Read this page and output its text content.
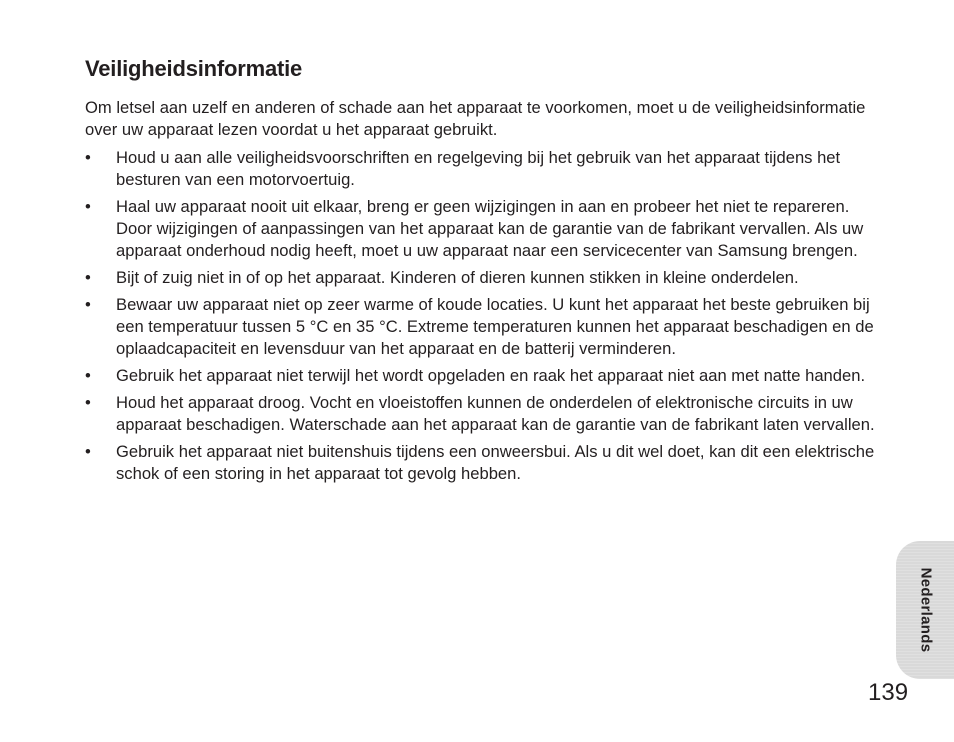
Veiligheidsinformatie

Om letsel aan uzelf en anderen of schade aan het apparaat te voorkomen, moet u de veiligheidsinformatie over uw apparaat lezen voordat u het apparaat gebruikt.

• Houd u aan alle veiligheidsvoorschriften en regelgeving bij het gebruik van het apparaat tijdens het besturen van een motorvoertuig.
• Haal uw apparaat nooit uit elkaar, breng er geen wijzigingen in aan en probeer het niet te repareren. Door wijzigingen of aanpassingen van het apparaat kan de garantie van de fabrikant vervallen. Als uw apparaat onderhoud nodig heeft, moet u uw apparaat naar een servicecenter van Samsung brengen.
• Bijt of zuig niet in of op het apparaat. Kinderen of dieren kunnen stikken in kleine onderdelen.
• Bewaar uw apparaat niet op zeer warme of koude locaties. U kunt het apparaat het beste gebruiken bij een temperatuur tussen 5 °C en 35 °C. Extreme temperaturen kunnen het apparaat beschadigen en de oplaadcapaciteit en levensduur van het apparaat en de batterij verminderen.
• Gebruik het apparaat niet terwijl het wordt opgeladen en raak het apparaat niet aan met natte handen.
• Houd het apparaat droog. Vocht en vloeistoffen kunnen de onderdelen of elektronische circuits in uw apparaat beschadigen. Waterschade aan het apparaat kan de garantie van de fabrikant laten vervallen.
• Gebruik het apparaat niet buitenshuis tijdens een onweersbui. Als u dit wel doet, kan dit een elektrische schok of een storing in het apparaat tot gevolg hebben.
Nederlands
139
